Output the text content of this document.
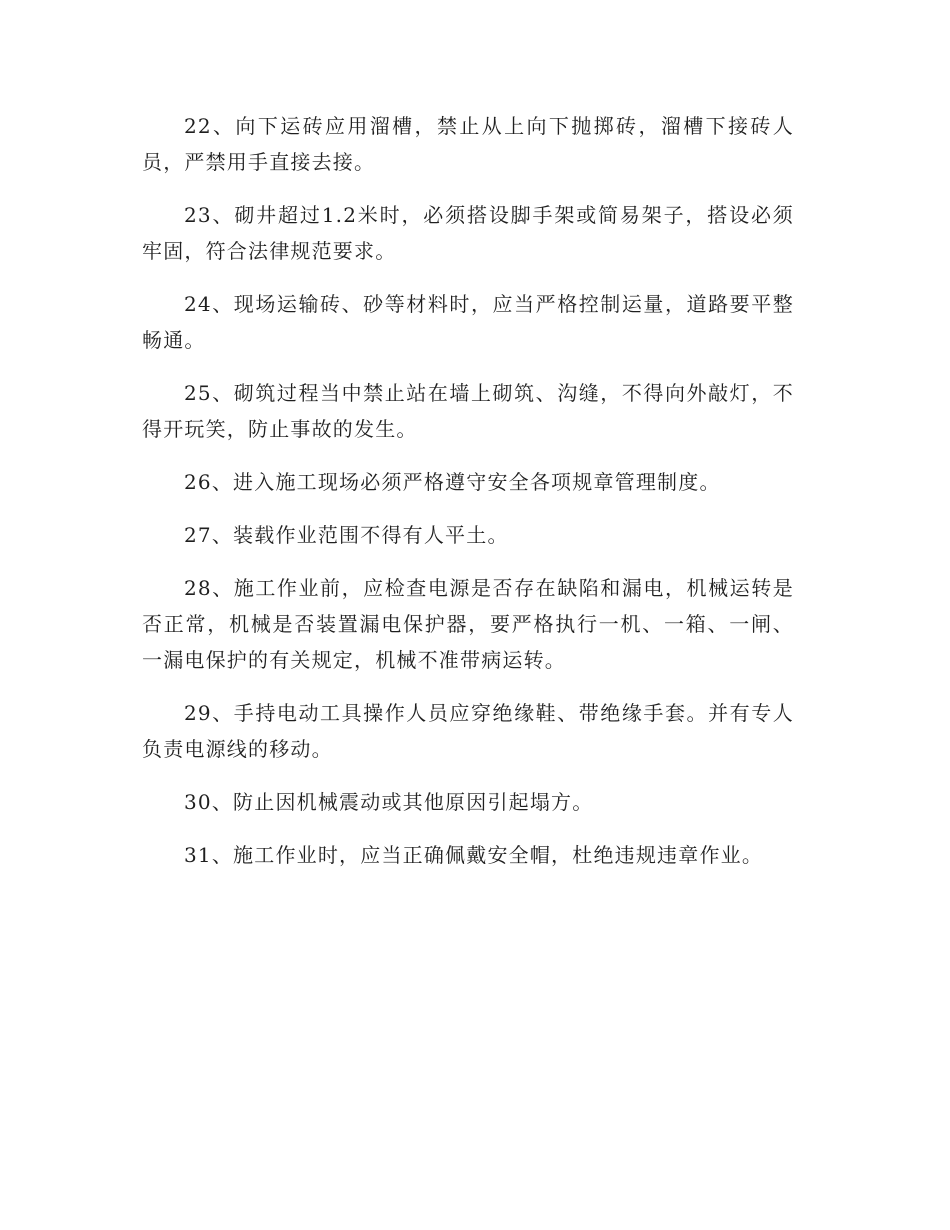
22、向下运砖应用溜槽，禁止从上向下抛掷砖，溜槽下接砖人员，严禁用手直接去接。

23、砌井超过1.2米时，必须搭设脚手架或简易架子，搭设必须牢固，符合法律规范要求。

24、现场运输砖、砂等材料时，应当严格控制运量，道路要平整畅通。

25、砌筑过程当中禁止站在墙上砌筑、沟缝，不得向外敲灯，不得开玩笑，防止事故的发生。

26、进入施工现场必须严格遵守安全各项规章管理制度。

27、装载作业范围不得有人平土。

28、施工作业前，应检查电源是否存在缺陷和漏电，机械运转是否正常，机械是否装置漏电保护器，要严格执行一机、一箱、一闸、一漏电保护的有关规定，机械不准带病运转。

29、手持电动工具操作人员应穿绝缘鞋、带绝缘手套。并有专人负责电源线的移动。

30、防止因机械震动或其他原因引起塌方。

31、施工作业时，应当正确佩戴安全帽，杜绝违规违章作业。
